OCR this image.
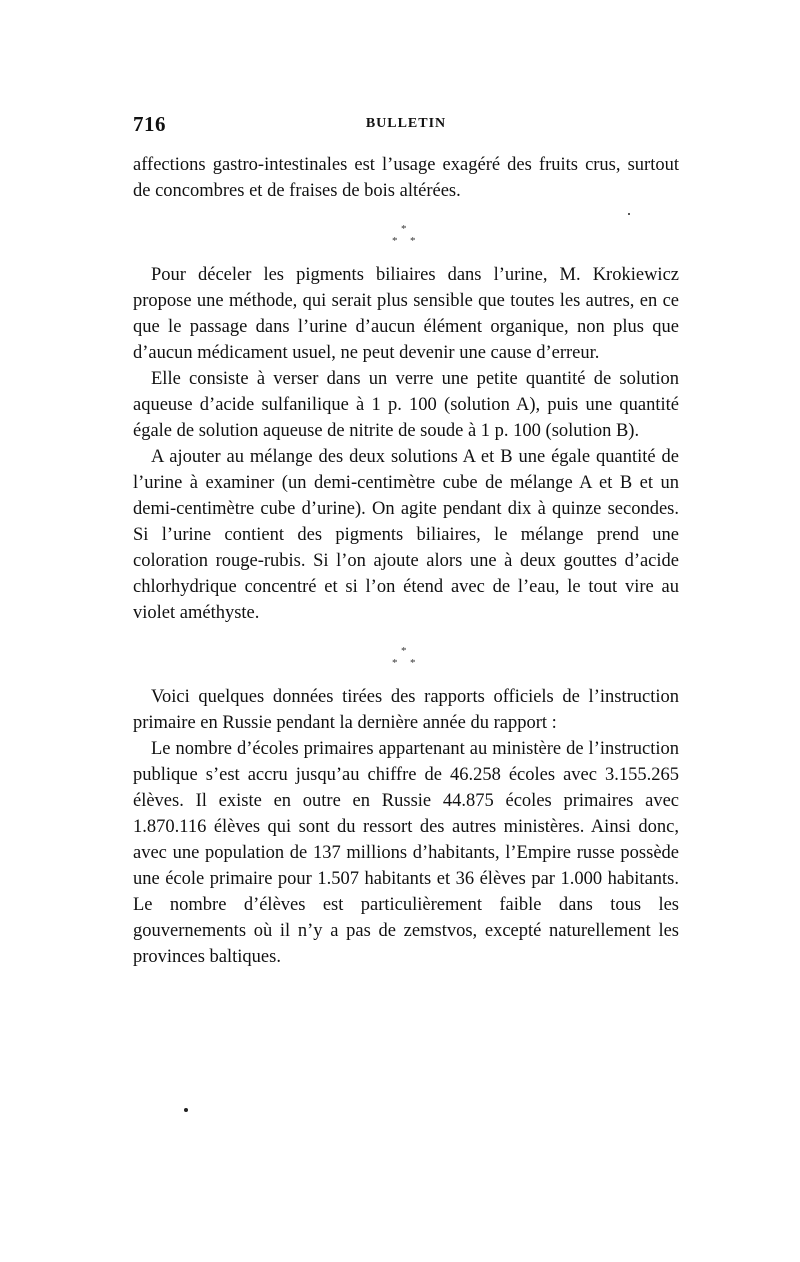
716	BULLETIN

affections gastro-intestinales est l’usage exagéré des fruits crus, surtout de concombres et de fraises de bois altérées.

*
* *

Pour déceler les pigments biliaires dans l’urine, M. Krokiewicz propose une méthode, qui serait plus sensible que toutes les autres, en ce que le passage dans l’urine d’aucun élément organique, non plus que d’aucun médicament usuel, ne peut devenir une cause d’erreur.

Elle consiste à verser dans un verre une petite quantité de solution aqueuse d’acide sulfanilique à 1 p. 100 (solution A), puis une quantité égale de solution aqueuse de nitrite de soude à 1 p. 100 (solution B).

A ajouter au mélange des deux solutions A et B une égale quantité de l’urine à examiner (un demi-centimètre cube de mélange A et B et un demi-centimètre cube d’urine). On agite pendant dix à quinze secondes. Si l’urine contient des pigments biliaires, le mélange prend une coloration rouge-rubis. Si l’on ajoute alors une à deux gouttes d’acide chlorhydrique concentré et si l’on étend avec de l’eau, le tout vire au violet améthyste.

*
* *

Voici quelques données tirées des rapports officiels de l’instruction primaire en Russie pendant la dernière année du rapport :

Le nombre d’écoles primaires appartenant au ministère de l’instruction publique s’est accru jusqu’au chiffre de 46.258 écoles avec 3.155.265 élèves. Il existe en outre en Russie 44.875 écoles primaires avec 1.870.116 élèves qui sont du ressort des autres ministères. Ainsi donc, avec une population de 137 millions d’habitants, l’Empire russe possède une école primaire pour 1.507 habitants et 36 élèves par 1.000 habitants. Le nombre d’élèves est particulièrement faible dans tous les gouvernements où il n’y a pas de zemstvos, excepté naturellement les provinces baltiques.
